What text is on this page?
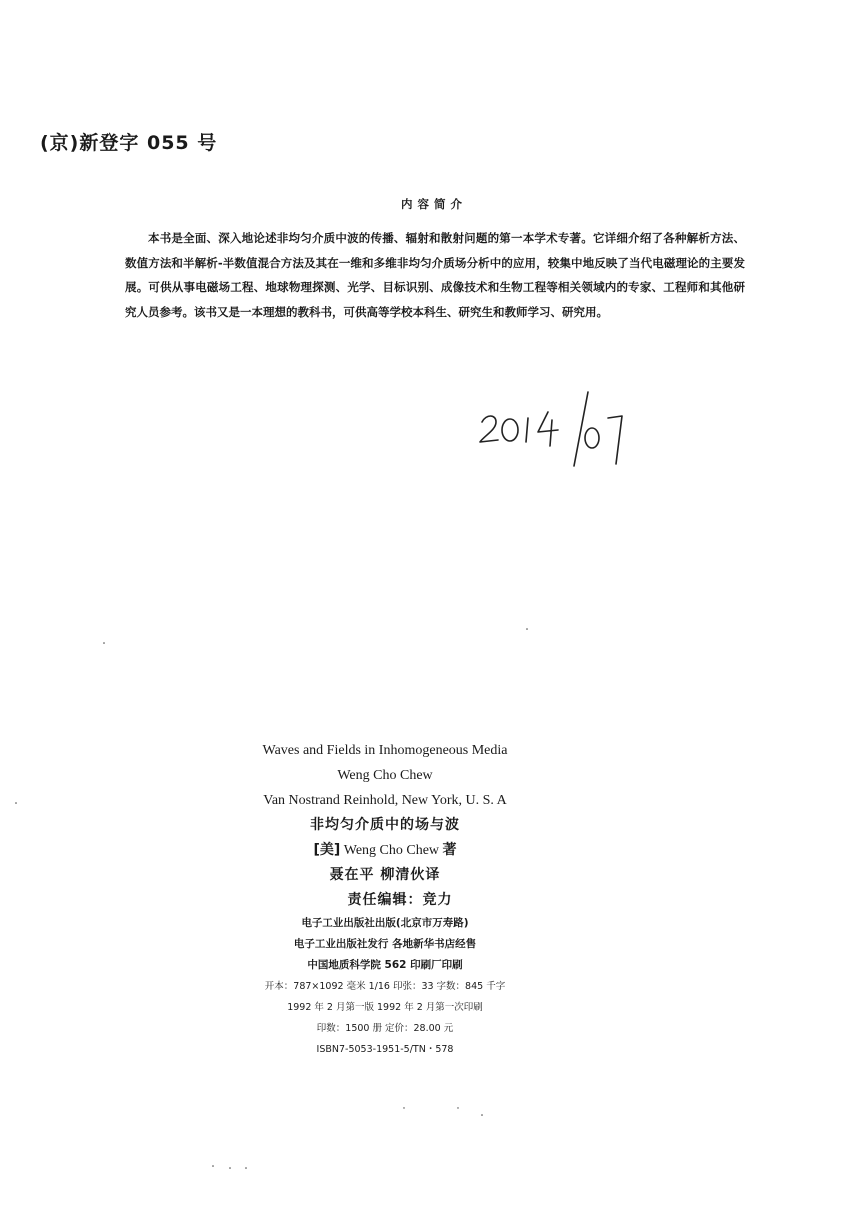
(京)新登字 055 号
内容简介

本书是全面、深入地论述非均匀介质中波的传播、辐射和散射问题的第一本学术专著。它详细介绍了各种解析方法、数值方法和半解析-半数值混合方法及其在一维和多维非均匀介质场分析中的应用，较集中地反映了当代电磁理论的主要发展。可供从事电磁场工程、地球物理探测、光学、目标识别、成像技术和生物工程等相关领域内的专家、工程师和其他研究人员参考。该书又是一本理想的教科书，可供高等学校本科生、研究生和教师学习、研究用。

Waves and Fields in Inhomogeneous Media
Weng Cho Chew
Van Nostrand Reinhold, New York, U. S. A
非均匀介质中的场与波
[美] Weng Cho Chew 著
聂在平 柳清伙译
责任编辑：竞力
电子工业出版社出版(北京市万寿路)
电子工业出版社发行 各地新华书店经售
中国地质科学院 562 印刷厂印刷
开本：787×1092 毫米 1/16 印张：33 字数：845 千字
1992 年 2 月第一版 1992 年 2 月第一次印刷
印数：1500 册 定价：28.00 元
ISBN7-5053-1951-5/TN・578
